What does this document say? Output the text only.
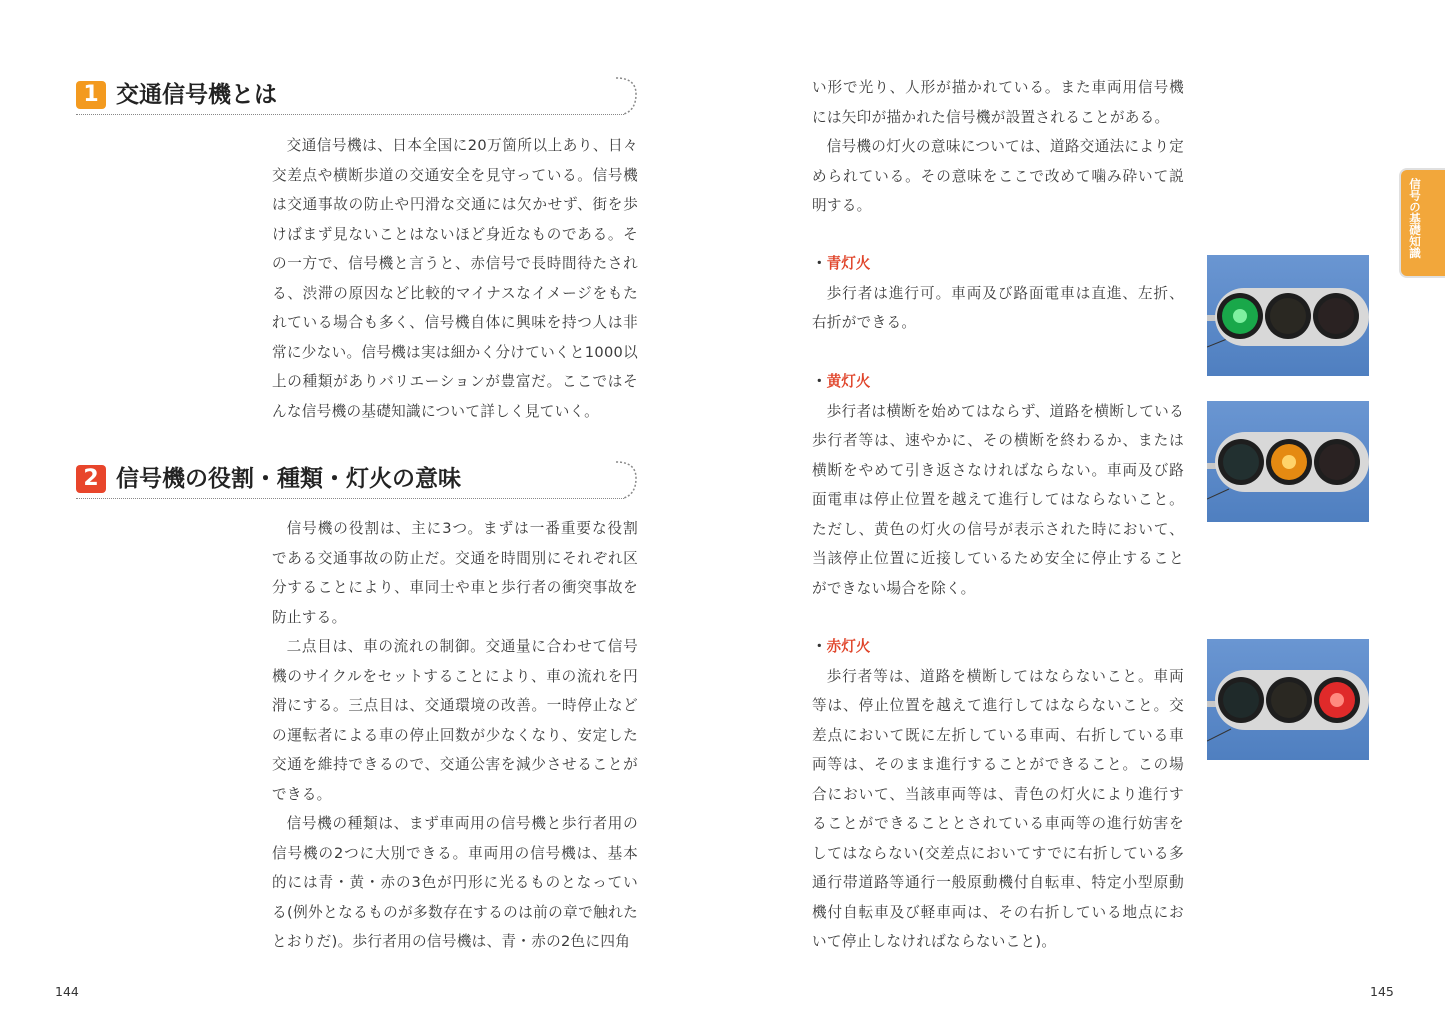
1 交通信号機とは

交通信号機は、日本全国に20万箇所以上あり、日々交差点や横断歩道の交通安全を見守っている。信号機は交通事故の防止や円滑な交通には欠かせず、街を歩けばまず見ないことはないほど身近なものである。その一方で、信号機と言うと、赤信号で長時間待たされる、渋滞の原因など比較的マイナスなイメージをもたれている場合も多く、信号機自体に興味を持つ人は非常に少ない。信号機は実は細かく分けていくと1000以上の種類がありバリエーションが豊富だ。ここではそんな信号機の基礎知識について詳しく見ていく。

2 信号機の役割・種類・灯火の意味

信号機の役割は、主に3つ。まずは一番重要な役割である交通事故の防止だ。交通を時間別にそれぞれ区分することにより、車同士や車と歩行者の衝突事故を防止する。

二点目は、車の流れの制御。交通量に合わせて信号機のサイクルをセットすることにより、車の流れを円滑にする。三点目は、交通環境の改善。一時停止などの運転者による車の停止回数が少なくなり、安定した交通を維持できるので、交通公害を減少させることができる。

信号機の種類は、まず車両用の信号機と歩行者用の信号機の2つに大別できる。車両用の信号機は、基本的には青・黄・赤の3色が円形に光るものとなっている(例外となるものが多数存在するのは前の章で触れたとおりだ)。歩行者用の信号機は、青・赤の2色に四角

144

い形で光り、人形が描かれている。また車両用信号機には矢印が描かれた信号機が設置されることがある。

信号機の灯火の意味については、道路交通法により定められている。その意味をここで改めて噛み砕いて説明する。

・青灯火

歩行者は進行可。車両及び路面電車は直進、左折、右折ができる。

・黄灯火

歩行者は横断を始めてはならず、道路を横断している歩行者等は、速やかに、その横断を終わるか、または横断をやめて引き返さなければならない。車両及び路面電車は停止位置を越えて進行してはならないこと。ただし、黄色の灯火の信号が表示された時において、当該停止位置に近接しているため安全に停止することができない場合を除く。

・赤灯火

歩行者等は、道路を横断してはならないこと。車両等は、停止位置を越えて進行してはならないこと。交差点において既に左折している車両、右折している車両等は、そのまま進行することができること。この場合において、当該車両等は、青色の灯火により進行することができることとされている車両等の進行妨害をしてはならない(交差点においてすでに右折している多通行帯道路等通行一般原動機付自転車、特定小型原動機付自転車及び軽車両は、その右折している地点において停止しなければならないこと)。

145
信号の基礎知識
